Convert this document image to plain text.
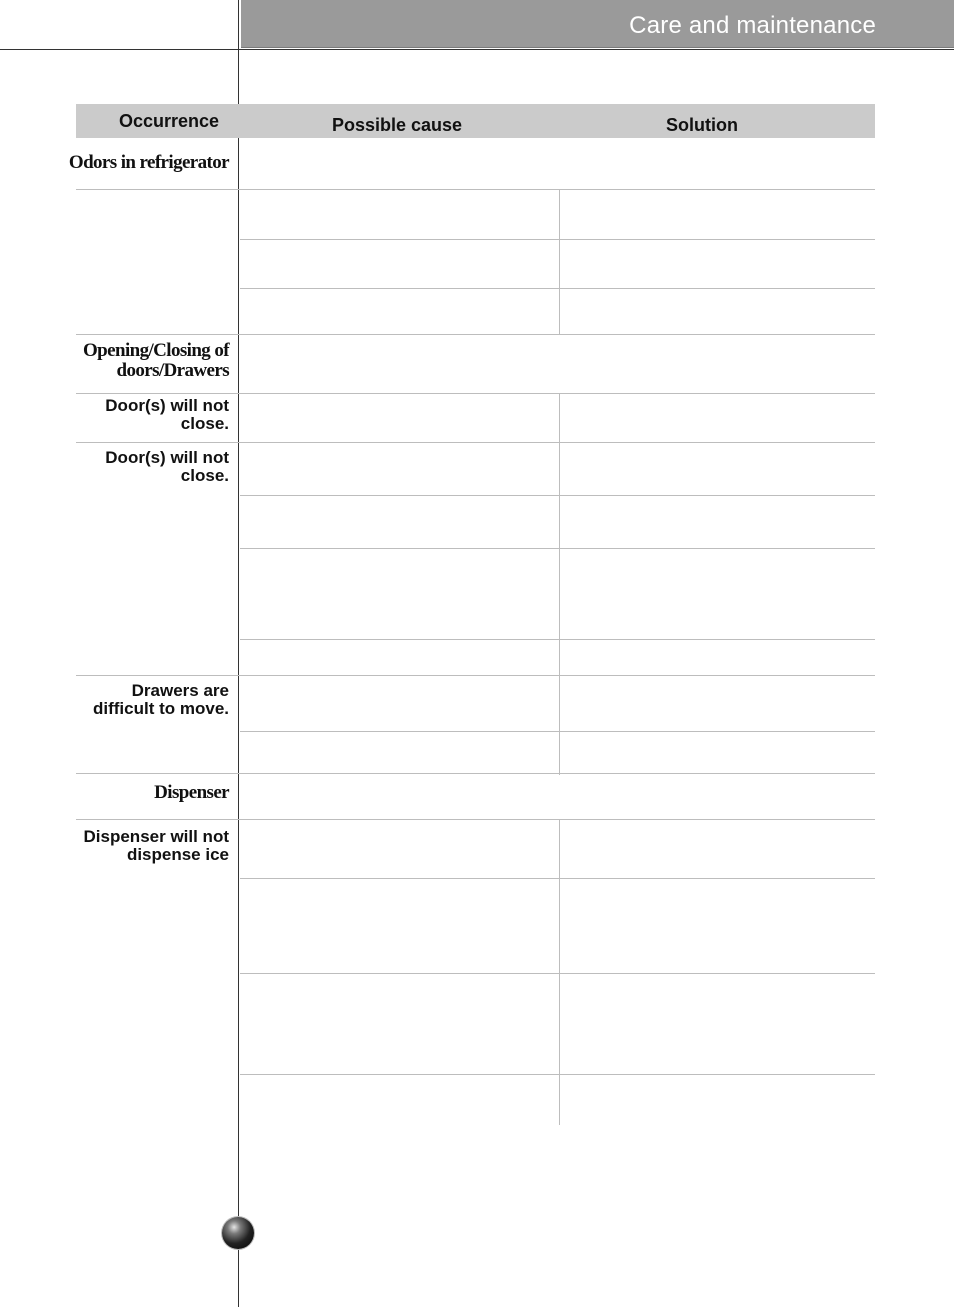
Care and maintenance
Occurrence	Possible cause	Solution
Odors in refrigerator
Opening/Closing of doors/Drawers
Dispenser
Door(s) will not close.
Door(s) will not close.
Drawers are difficult to move.
Dispenser will not dispense ice
